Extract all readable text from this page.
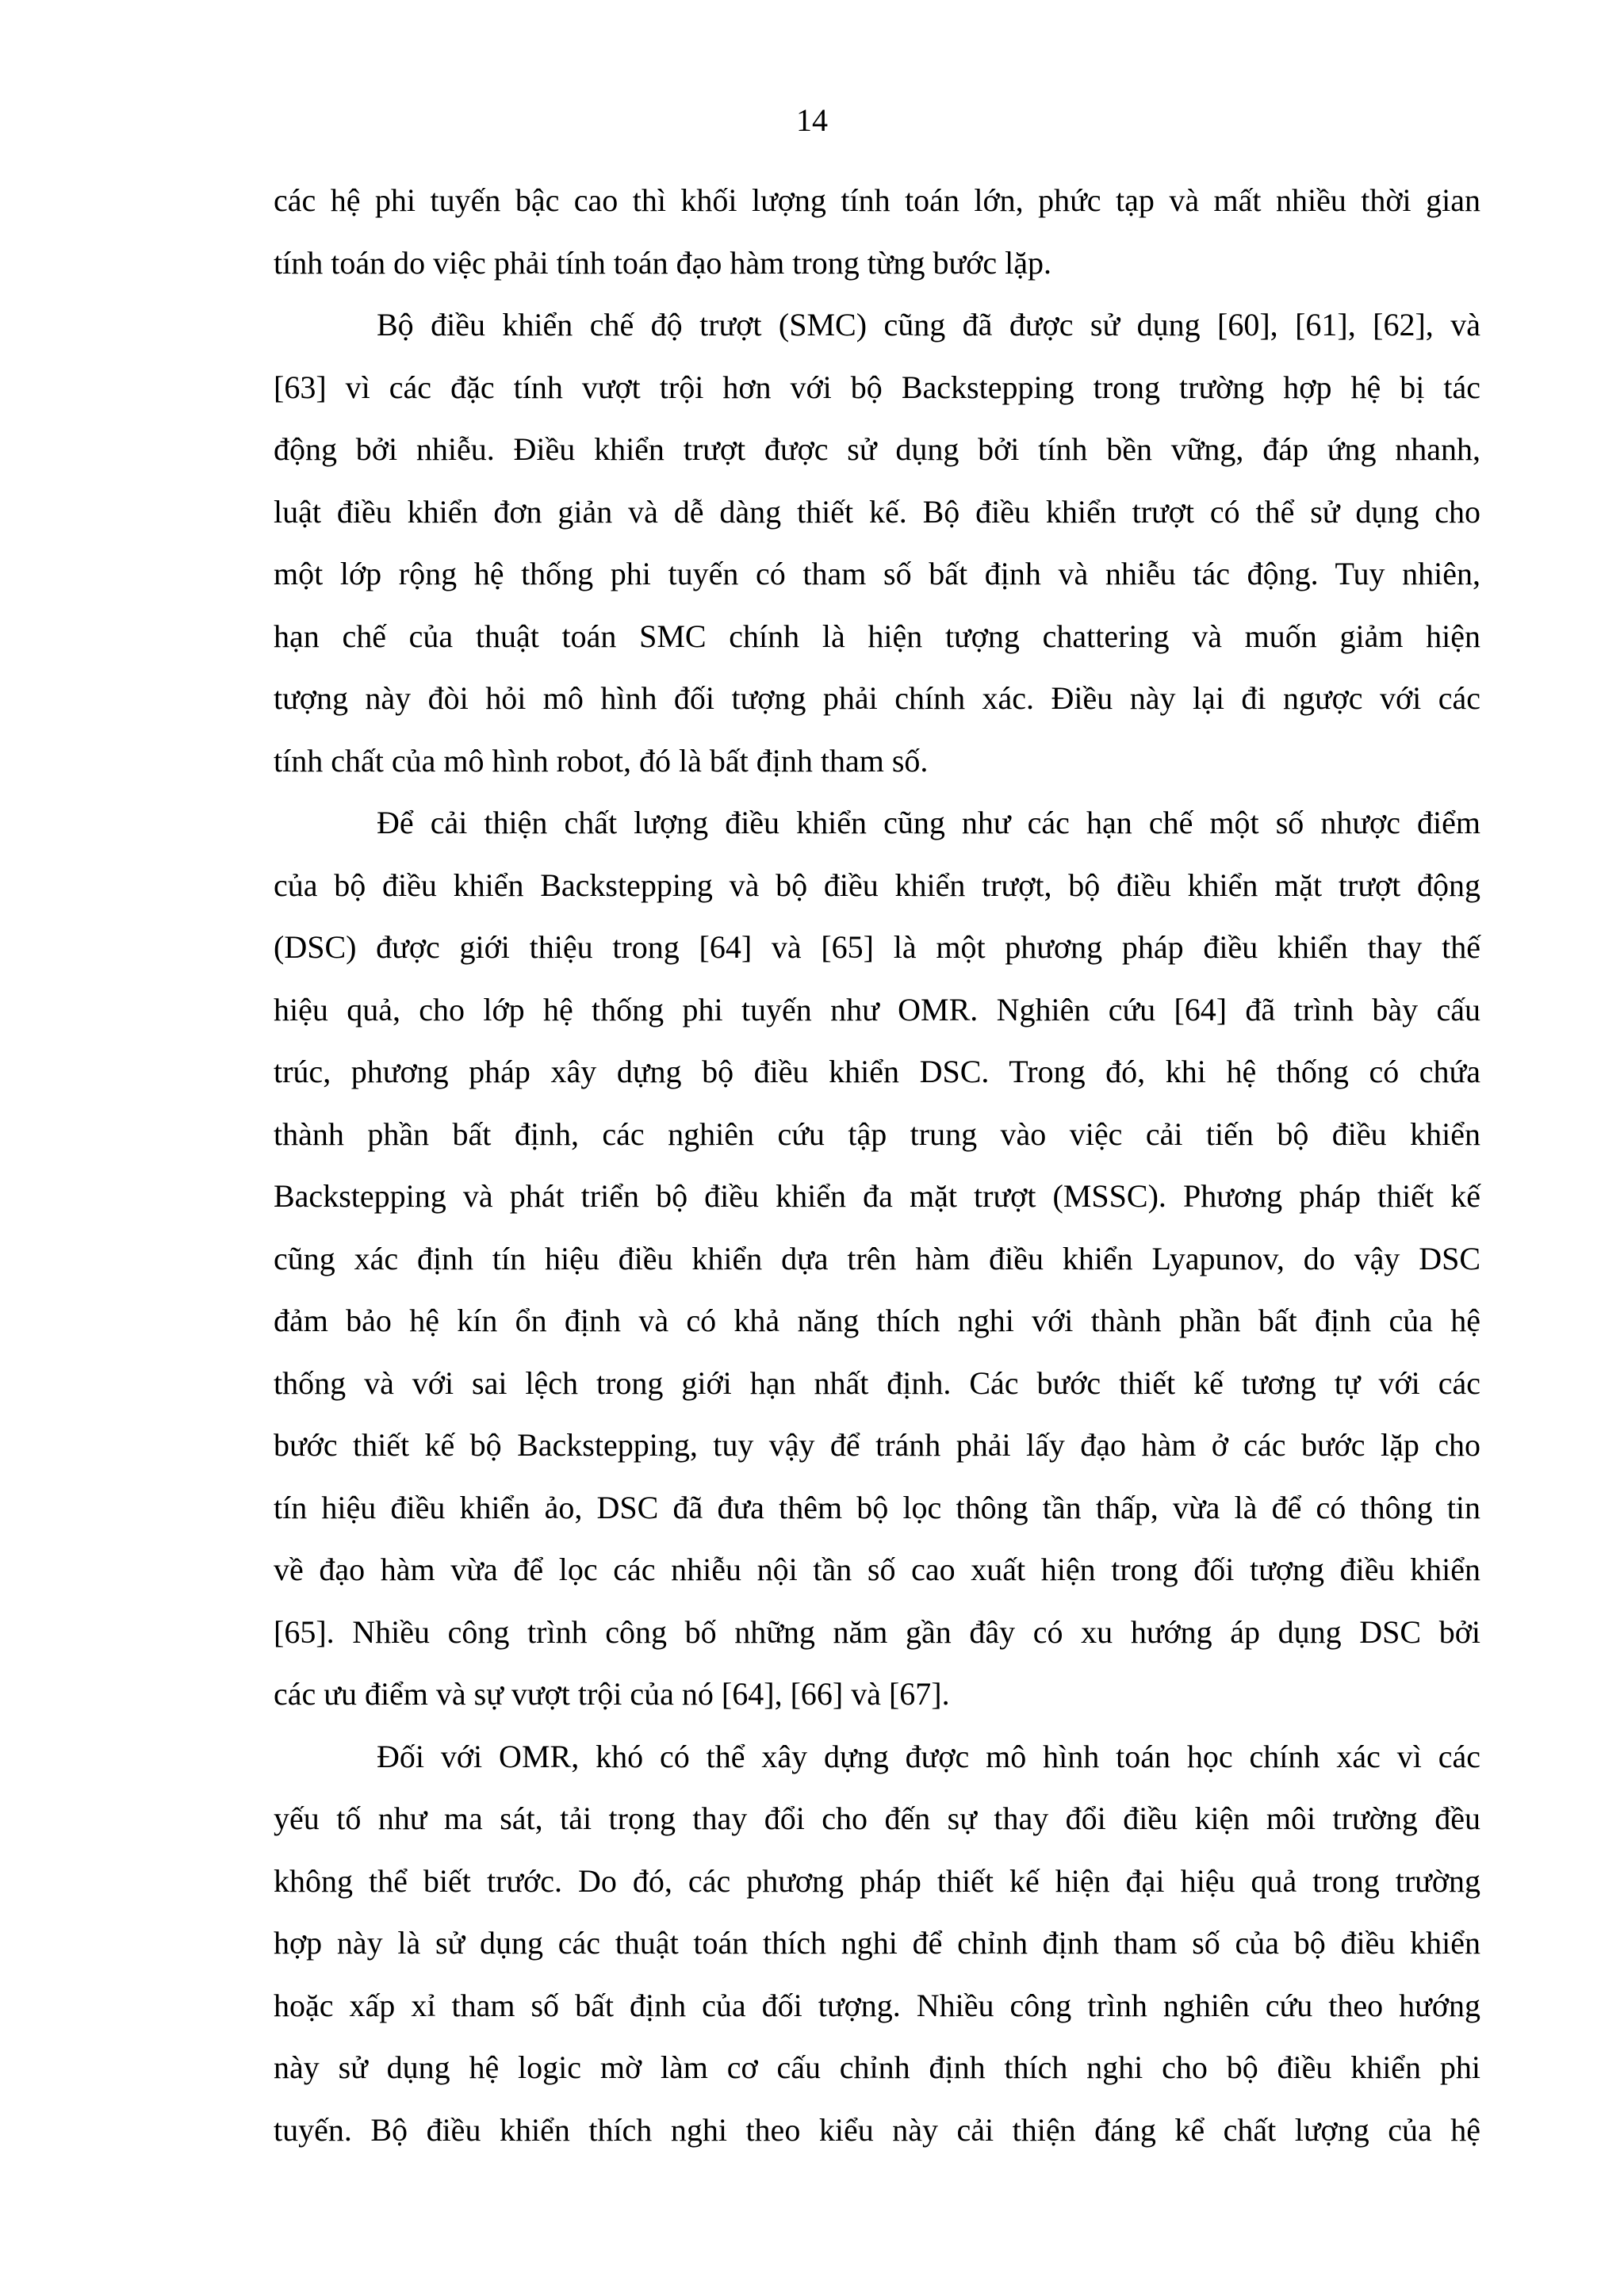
14
các hệ phi tuyến bậc cao thì khối lượng tính toán lớn, phức tạp và mất nhiều thời gian
tính toán do việc phải tính toán đạo hàm trong từng bước lặp.
Bộ điều khiển chế độ trượt (SMC) cũng đã được sử dụng [60], [61], [62], và
[63] vì các đặc tính vượt trội hơn với bộ Backstepping trong trường hợp hệ bị tác
động bởi nhiễu. Điều khiển trượt được sử dụng bởi tính bền vững, đáp ứng nhanh,
luật điều khiển đơn giản và dễ dàng thiết kế. Bộ điều khiển trượt có thể sử dụng cho
một lớp rộng hệ thống phi tuyến có tham số bất định và nhiễu tác động. Tuy nhiên,
hạn chế của thuật toán SMC chính là hiện tượng chattering và muốn giảm hiện
tượng này đòi hỏi mô hình đối tượng phải chính xác. Điều này lại đi ngược với các
tính chất của mô hình robot, đó là bất định tham số.
Để cải thiện chất lượng điều khiển cũng như các hạn chế một số nhược điểm
của bộ điều khiển Backstepping và bộ điều khiển trượt, bộ điều khiển mặt trượt động
(DSC) được giới thiệu trong [64] và [65] là một phương pháp điều khiển thay thế
hiệu quả, cho lớp hệ thống phi tuyến như OMR. Nghiên cứu [64] đã trình bày cấu
trúc, phương pháp xây dựng bộ điều khiển DSC. Trong đó, khi hệ thống có chứa
thành phần bất định, các nghiên cứu tập trung vào việc cải tiến bộ điều khiển
Backstepping và phát triển bộ điều khiển đa mặt trượt (MSSC). Phương pháp thiết kế
cũng xác định tín hiệu điều khiển dựa trên hàm điều khiển Lyapunov, do vậy DSC
đảm bảo hệ kín ổn định và có khả năng thích nghi với thành phần bất định của hệ
thống và với sai lệch trong giới hạn nhất định. Các bước thiết kế tương tự với các
bước thiết kế bộ Backstepping, tuy vậy để tránh phải lấy đạo hàm ở các bước lặp cho
tín hiệu điều khiển ảo, DSC đã đưa thêm bộ lọc thông tần thấp, vừa là để có thông tin
về đạo hàm vừa để lọc các nhiễu nội tần số cao xuất hiện trong đối tượng điều khiển
[65]. Nhiều công trình công bố những năm gần đây có xu hướng áp dụng DSC bởi
các ưu điểm và sự vượt trội của nó [64], [66] và [67].
Đối với OMR, khó có thể xây dựng được mô hình toán học chính xác vì các
yếu tố như ma sát, tải trọng thay đổi cho đến sự thay đổi điều kiện môi trường đều
không thể biết trước. Do đó, các phương pháp thiết kế hiện đại hiệu quả trong trường
hợp này là sử dụng các thuật toán thích nghi để chỉnh định tham số của bộ điều khiển
hoặc xấp xỉ tham số bất định của đối tượng. Nhiều công trình nghiên cứu theo hướng
này sử dụng hệ logic mờ làm cơ cấu chỉnh định thích nghi cho bộ điều khiển phi
tuyến. Bộ điều khiển thích nghi theo kiểu này cải thiện đáng kể chất lượng của hệ
